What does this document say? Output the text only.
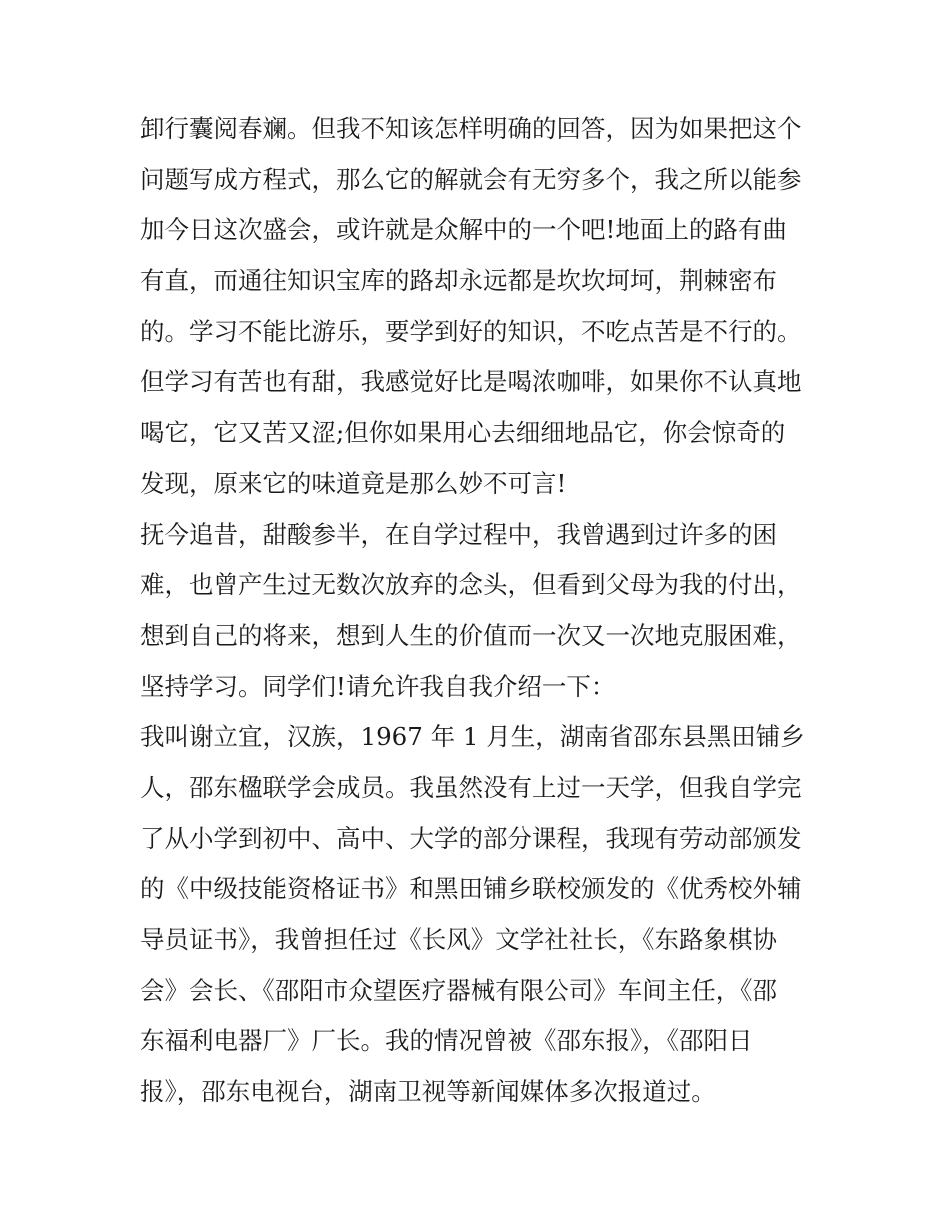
卸行囊阅春斓。但我不知该怎样明确的回答，因为如果把这个
问题写成方程式，那么它的解就会有无穷多个，我之所以能参
加今日这次盛会，或许就是众解中的一个吧!地面上的路有曲
有直，而通往知识宝库的路却永远都是坎坎坷坷，荆棘密布
的。学习不能比游乐，要学到好的知识，不吃点苦是不行的。
但学习有苦也有甜，我感觉好比是喝浓咖啡，如果你不认真地
喝它，它又苦又涩;但你如果用心去细细地品它，你会惊奇的
发现，原来它的味道竟是那么妙不可言!
抚今追昔，甜酸参半，在自学过程中，我曾遇到过许多的困
难，也曾产生过无数次放弃的念头，但看到父母为我的付出，
想到自己的将来，想到人生的价值而一次又一次地克服困难，
坚持学习。同学们!请允许我自我介绍一下：
我叫谢立宜，汉族，1967 年 1 月生，湖南省邵东县黑田铺乡
人，邵东楹联学会成员。我虽然没有上过一天学，但我自学完
了从小学到初中、高中、大学的部分课程，我现有劳动部颁发
的《中级技能资格证书》和黑田铺乡联校颁发的《优秀校外辅
导员证书》，我曾担任过《长风》文学社社长，《东路象棋协
会》会长、《邵阳市众望医疗器械有限公司》车间主任，《邵
东福利电器厂》厂长。我的情况曾被《邵东报》，《邵阳日
报》，邵东电视台，湖南卫视等新闻媒体多次报道过。
